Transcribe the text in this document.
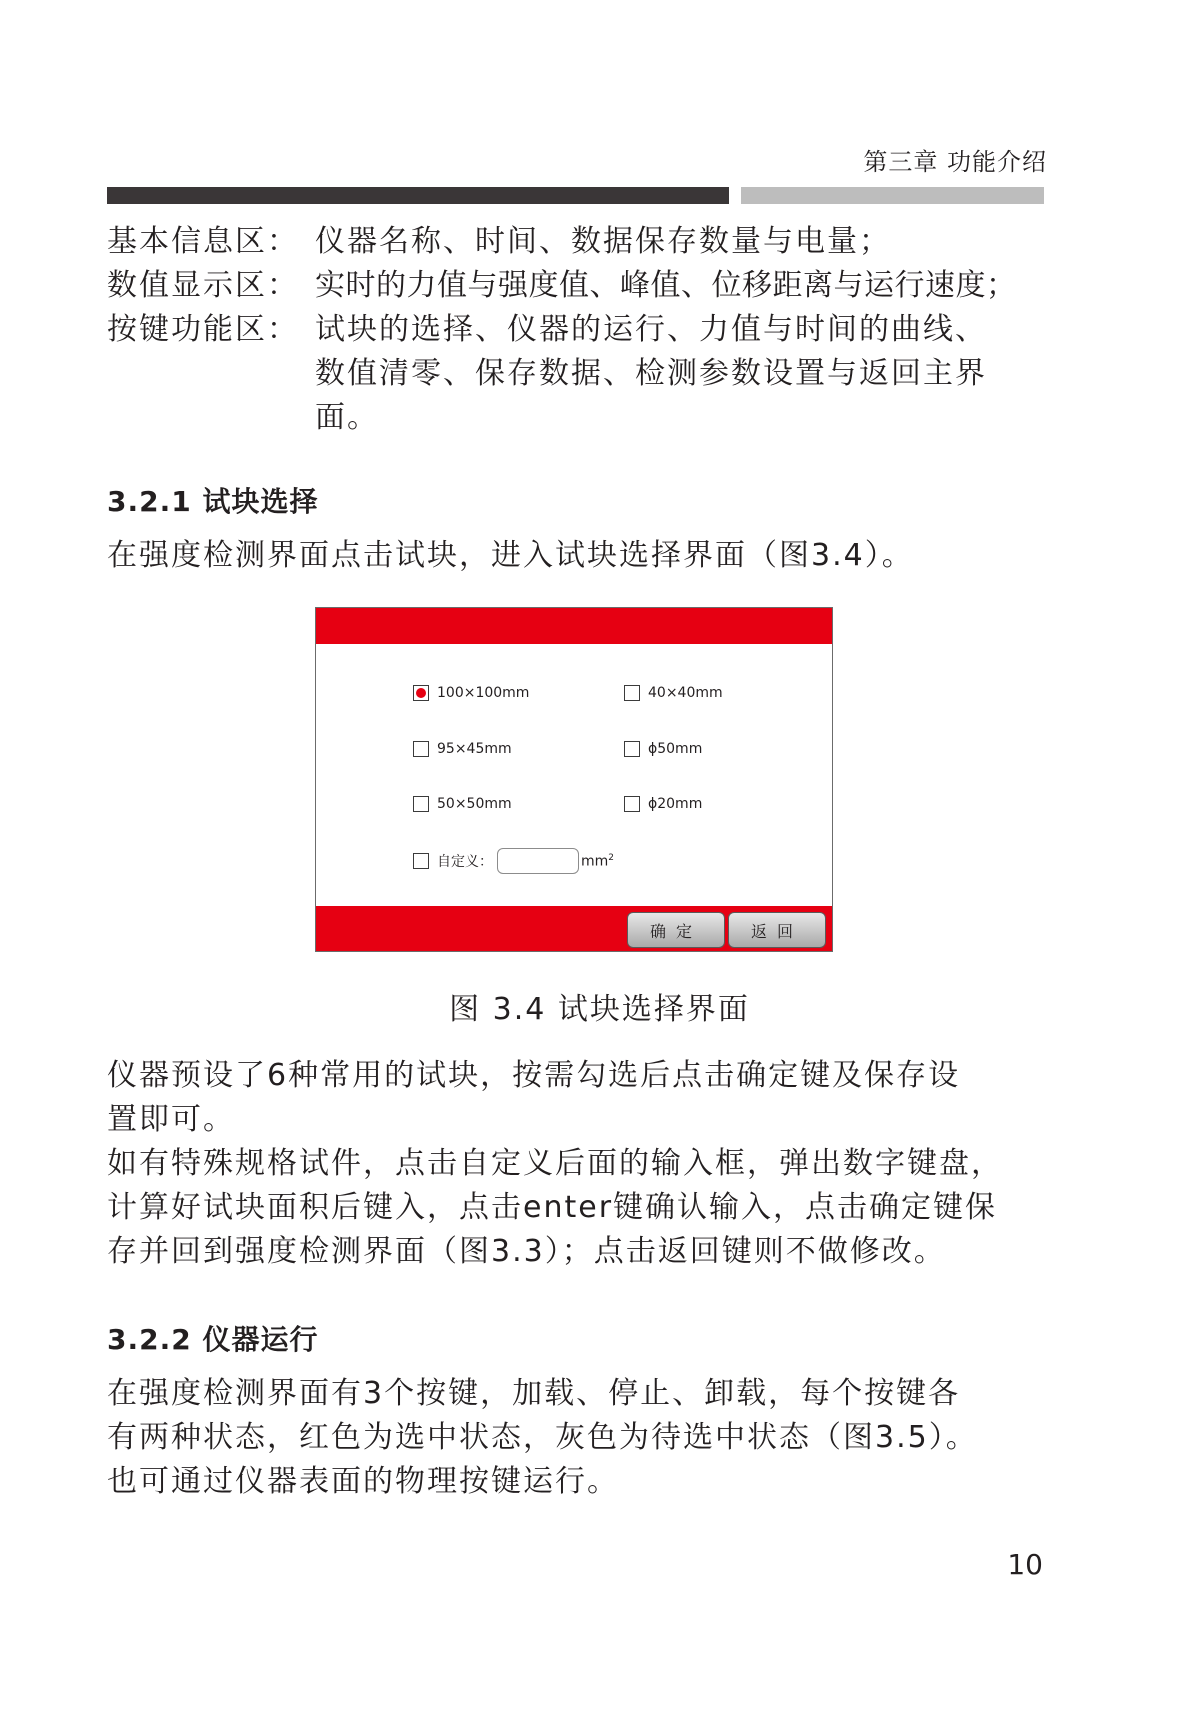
第三章 功能介绍
基本信息区： 仪器名称、时间、数据保存数量与电量；
数值显示区： 实时的力值与强度值、峰值、位移距离与运行速度；
按键功能区： 试块的选择、仪器的运行、力值与时间的曲线、
数值清零、保存数据、检测参数设置与返回主界
面。
3.2.1 试块选择
在强度检测界面点击试块，进入试块选择界面（图3.4）。
100×100mm	40×40mm
95×45mm	ϕ50mm
50×50mm	ϕ20mm
自定义：	$mm^2$
确定	返回
图 3.4 试块选择界面
仪器预设了6种常用的试块，按需勾选后点击确定键及保存设
置即可。
如有特殊规格试件，点击自定义后面的输入框，弹出数字键盘，
计算好试块面积后键入，点击enter键确认输入，点击确定键保
存并回到强度检测界面（图3.3）；点击返回键则不做修改。
3.2.2 仪器运行
在强度检测界面有3个按键，加载、停止、卸载，每个按键各
有两种状态，红色为选中状态，灰色为待选中状态（图3.5）。
也可通过仪器表面的物理按键运行。
10
